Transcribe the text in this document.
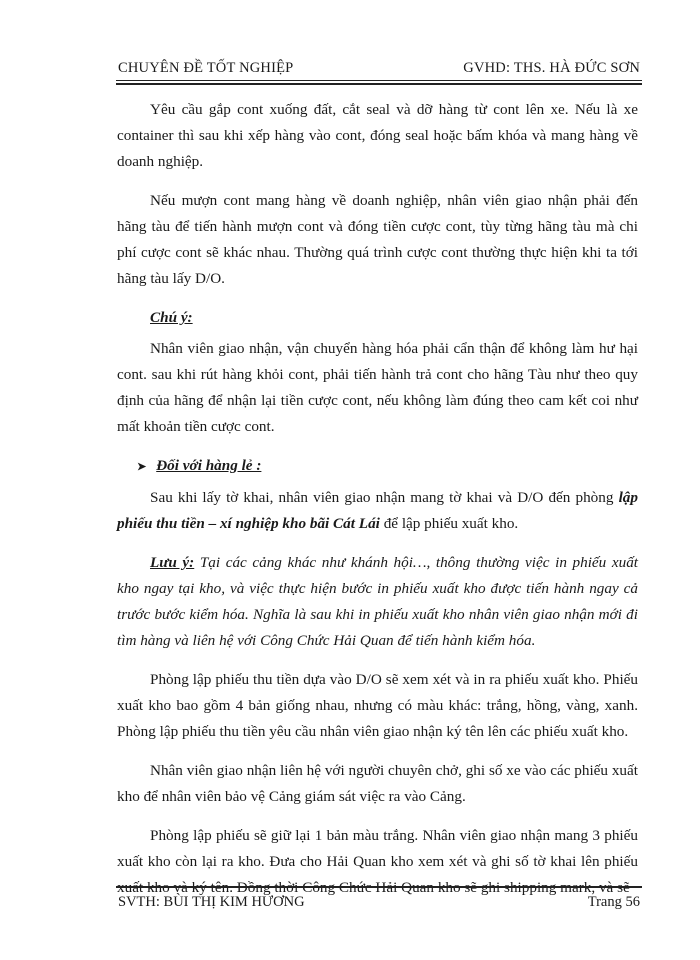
CHUYÊN ĐỀ TỐT NGHIỆP	GVHD: THS. HÀ ĐỨC SƠN

Yêu cầu gắp cont xuống đất, cắt seal và dỡ hàng từ cont lên xe. Nếu là xe container thì sau khi xếp hàng vào cont, đóng seal hoặc bấm khóa và mang hàng về doanh nghiệp.

Nếu mượn cont mang hàng về doanh nghiệp, nhân viên giao nhận phải đến hãng tàu để tiến hành mượn cont và đóng tiền cược cont, tùy từng hãng tàu mà chi phí cược cont sẽ khác nhau. Thường quá trình cược cont thường thực hiện khi ta tới hãng tàu lấy D/O.

Chú ý:

Nhân viên giao nhận, vận chuyển hàng hóa phải cẩn thận để không làm hư hại cont. sau khi rút hàng khỏi cont, phải tiến hành trả cont cho hãng Tàu như theo quy định của hãng để nhận lại tiền cược cont, nếu không làm đúng theo cam kết coi như mất khoản tiền cược cont.

➤ Đối với hàng lẻ :

Sau khi lấy tờ khai, nhân viên giao nhận mang tờ khai và D/O đến phòng lập phiếu thu tiền – xí nghiệp kho bãi Cát Lái để lập phiếu xuất kho.

Lưu ý: Tại các cảng khác như khánh hội…, thông thường việc in phiếu xuất kho ngay tại kho, và việc thực hiện bước in phiếu xuất kho được tiến hành ngay cả trước bước kiểm hóa. Nghĩa là sau khi in phiếu xuất kho nhân viên giao nhận mới đi tìm hàng và liên hệ với Công Chức Hải Quan để tiến hành kiểm hóa.

Phòng lập phiếu thu tiền dựa vào D/O sẽ xem xét và in ra phiếu xuất kho. Phiếu xuất kho bao gồm 4 bản giống nhau, nhưng có màu khác: trắng, hồng, vàng, xanh. Phòng lập phiếu thu tiền yêu cầu nhân viên giao nhận ký tên lên các phiếu xuất kho.

Nhân viên giao nhận liên hệ với người chuyên chở, ghi số xe vào các phiếu xuất kho để nhân viên bảo vệ Cảng giám sát việc ra vào Cảng.

Phòng lập phiếu sẽ giữ lại 1 bản màu trắng. Nhân viên giao nhận mang 3 phiếu xuất kho còn lại ra kho. Đưa cho Hải Quan kho xem xét và ghi số tờ khai lên phiếu xuất kho và ký tên. Đồng thời Công Chức Hải Quan kho sẽ ghi shipping mark, và sẽ

SVTH: BÙI THỊ KIM HƯƠNG	Trang 56
